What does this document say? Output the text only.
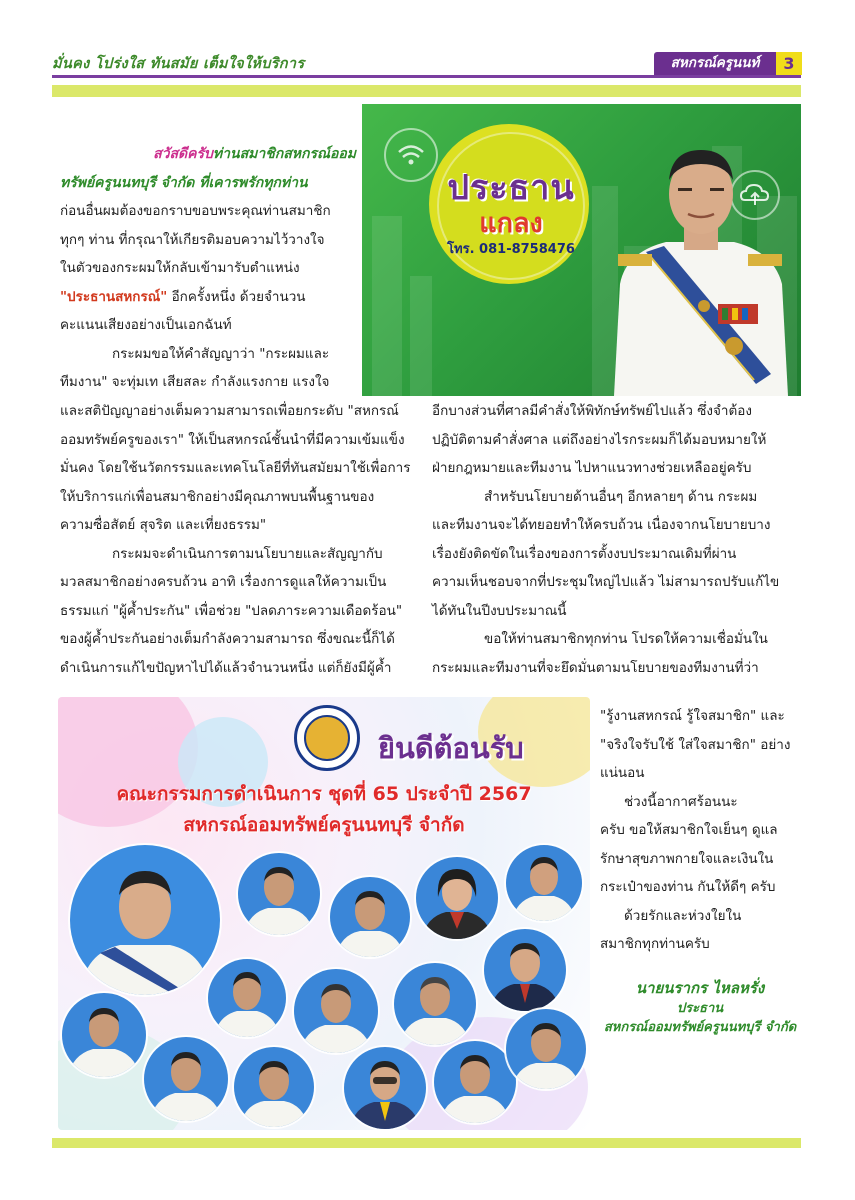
มั่นคง โปร่งใส ทันสมัย เต็มใจให้บริการ	สหกรณ์ครูนนท์	3
ประธาน
แกลง
โทร. 081-8758476
สวัสดีครับท่านสมาชิกสหกรณ์ออม
ทรัพย์ครูนนทบุรี จำกัด ที่เคารพรักทุกท่าน
ก่อนอื่นผมต้องขอกราบขอบพระคุณท่านสมาชิก
ทุกๆ ท่าน ที่กรุณาให้เกียรติมอบความไว้วางใจ
ในตัวของกระผมให้กลับเข้ามารับตำแหน่ง
"ประธานสหกรณ์" อีกครั้งหนึ่ง ด้วยจำนวน
คะแนนเสียงอย่างเป็นเอกฉันท์
กระผมขอให้คำสัญญาว่า "กระผมและ
ทีมงาน" จะทุ่มเท เสียสละ กำลังแรงกาย แรงใจ
และสติปัญญาอย่างเต็มความสามารถเพื่อยกระดับ "สหกรณ์
ออมทรัพย์ครูของเรา" ให้เป็นสหกรณ์ชั้นนำที่มีความเข้มแข็ง
มั่นคง โดยใช้นวัตกรรมและเทคโนโลยีที่ทันสมัยมาใช้เพื่อการ
ให้บริการแก่เพื่อนสมาชิกอย่างมีคุณภาพบนพื้นฐานของ
ความซื่อสัตย์ สุจริต และเที่ยงธรรม"
กระผมจะดำเนินการตามนโยบายและสัญญากับ
มวลสมาชิกอย่างครบถ้วน อาทิ เรื่องการดูแลให้ความเป็น
ธรรมแก่ "ผู้ค้ำประกัน" เพื่อช่วย "ปลดภาระความเดือดร้อน"
ของผู้ค้ำประกันอย่างเต็มกำลังความสามารถ ซึ่งขณะนี้ก็ได้
ดำเนินการแก้ไขปัญหาไปได้แล้วจำนวนหนึ่ง แต่ก็ยังมีผู้ค้ำ
อีกบางส่วนที่ศาลมีคำสั่งให้พิทักษ์ทรัพย์ไปแล้ว ซึ่งจำต้อง
ปฏิบัติตามคำสั่งศาล แต่ถึงอย่างไรกระผมก็ได้มอบหมายให้
ฝ่ายกฎหมายและทีมงาน ไปหาแนวทางช่วยเหลืออยู่ครับ
สำหรับนโยบายด้านอื่นๆ อีกหลายๆ ด้าน กระผม
และทีมงานจะได้ทยอยทำให้ครบถ้วน เนื่องจากนโยบายบาง
เรื่องยังติดขัดในเรื่องของการตั้งงบประมาณเดิมที่ผ่าน
ความเห็นชอบจากที่ประชุมใหญ่ไปแล้ว ไม่สามารถปรับแก้ไข
ได้ทันในปีงบประมาณนี้
ขอให้ท่านสมาชิกทุกท่าน โปรดให้ความเชื่อมั่นใน
กระผมและทีมงานที่จะยึดมั่นตามนโยบายของทีมงานที่ว่า
"รู้งานสหกรณ์ รู้ใจสมาชิก" และ
"จริงใจรับใช้ ใส่ใจสมาชิก" อย่าง
แน่นอน
ช่วงนี้อากาศร้อนนะ
ครับ ขอให้สมาชิกใจเย็นๆ ดูแล
รักษาสุขภาพกายใจและเงินใน
กระเป๋าของท่าน กันให้ดีๆ ครับ
ด้วยรักและห่วงใยใน
สมาชิกทุกท่านครับ
นายนรากร ไหลหรั่ง
ประธาน
สหกรณ์ออมทรัพย์ครูนนทบุรี จำกัด
ยินดีต้อนรับ
คณะกรรมการดำเนินการ ชุดที่ 65 ประจำปี 2567
สหกรณ์ออมทรัพย์ครูนนทบุรี จำกัด
